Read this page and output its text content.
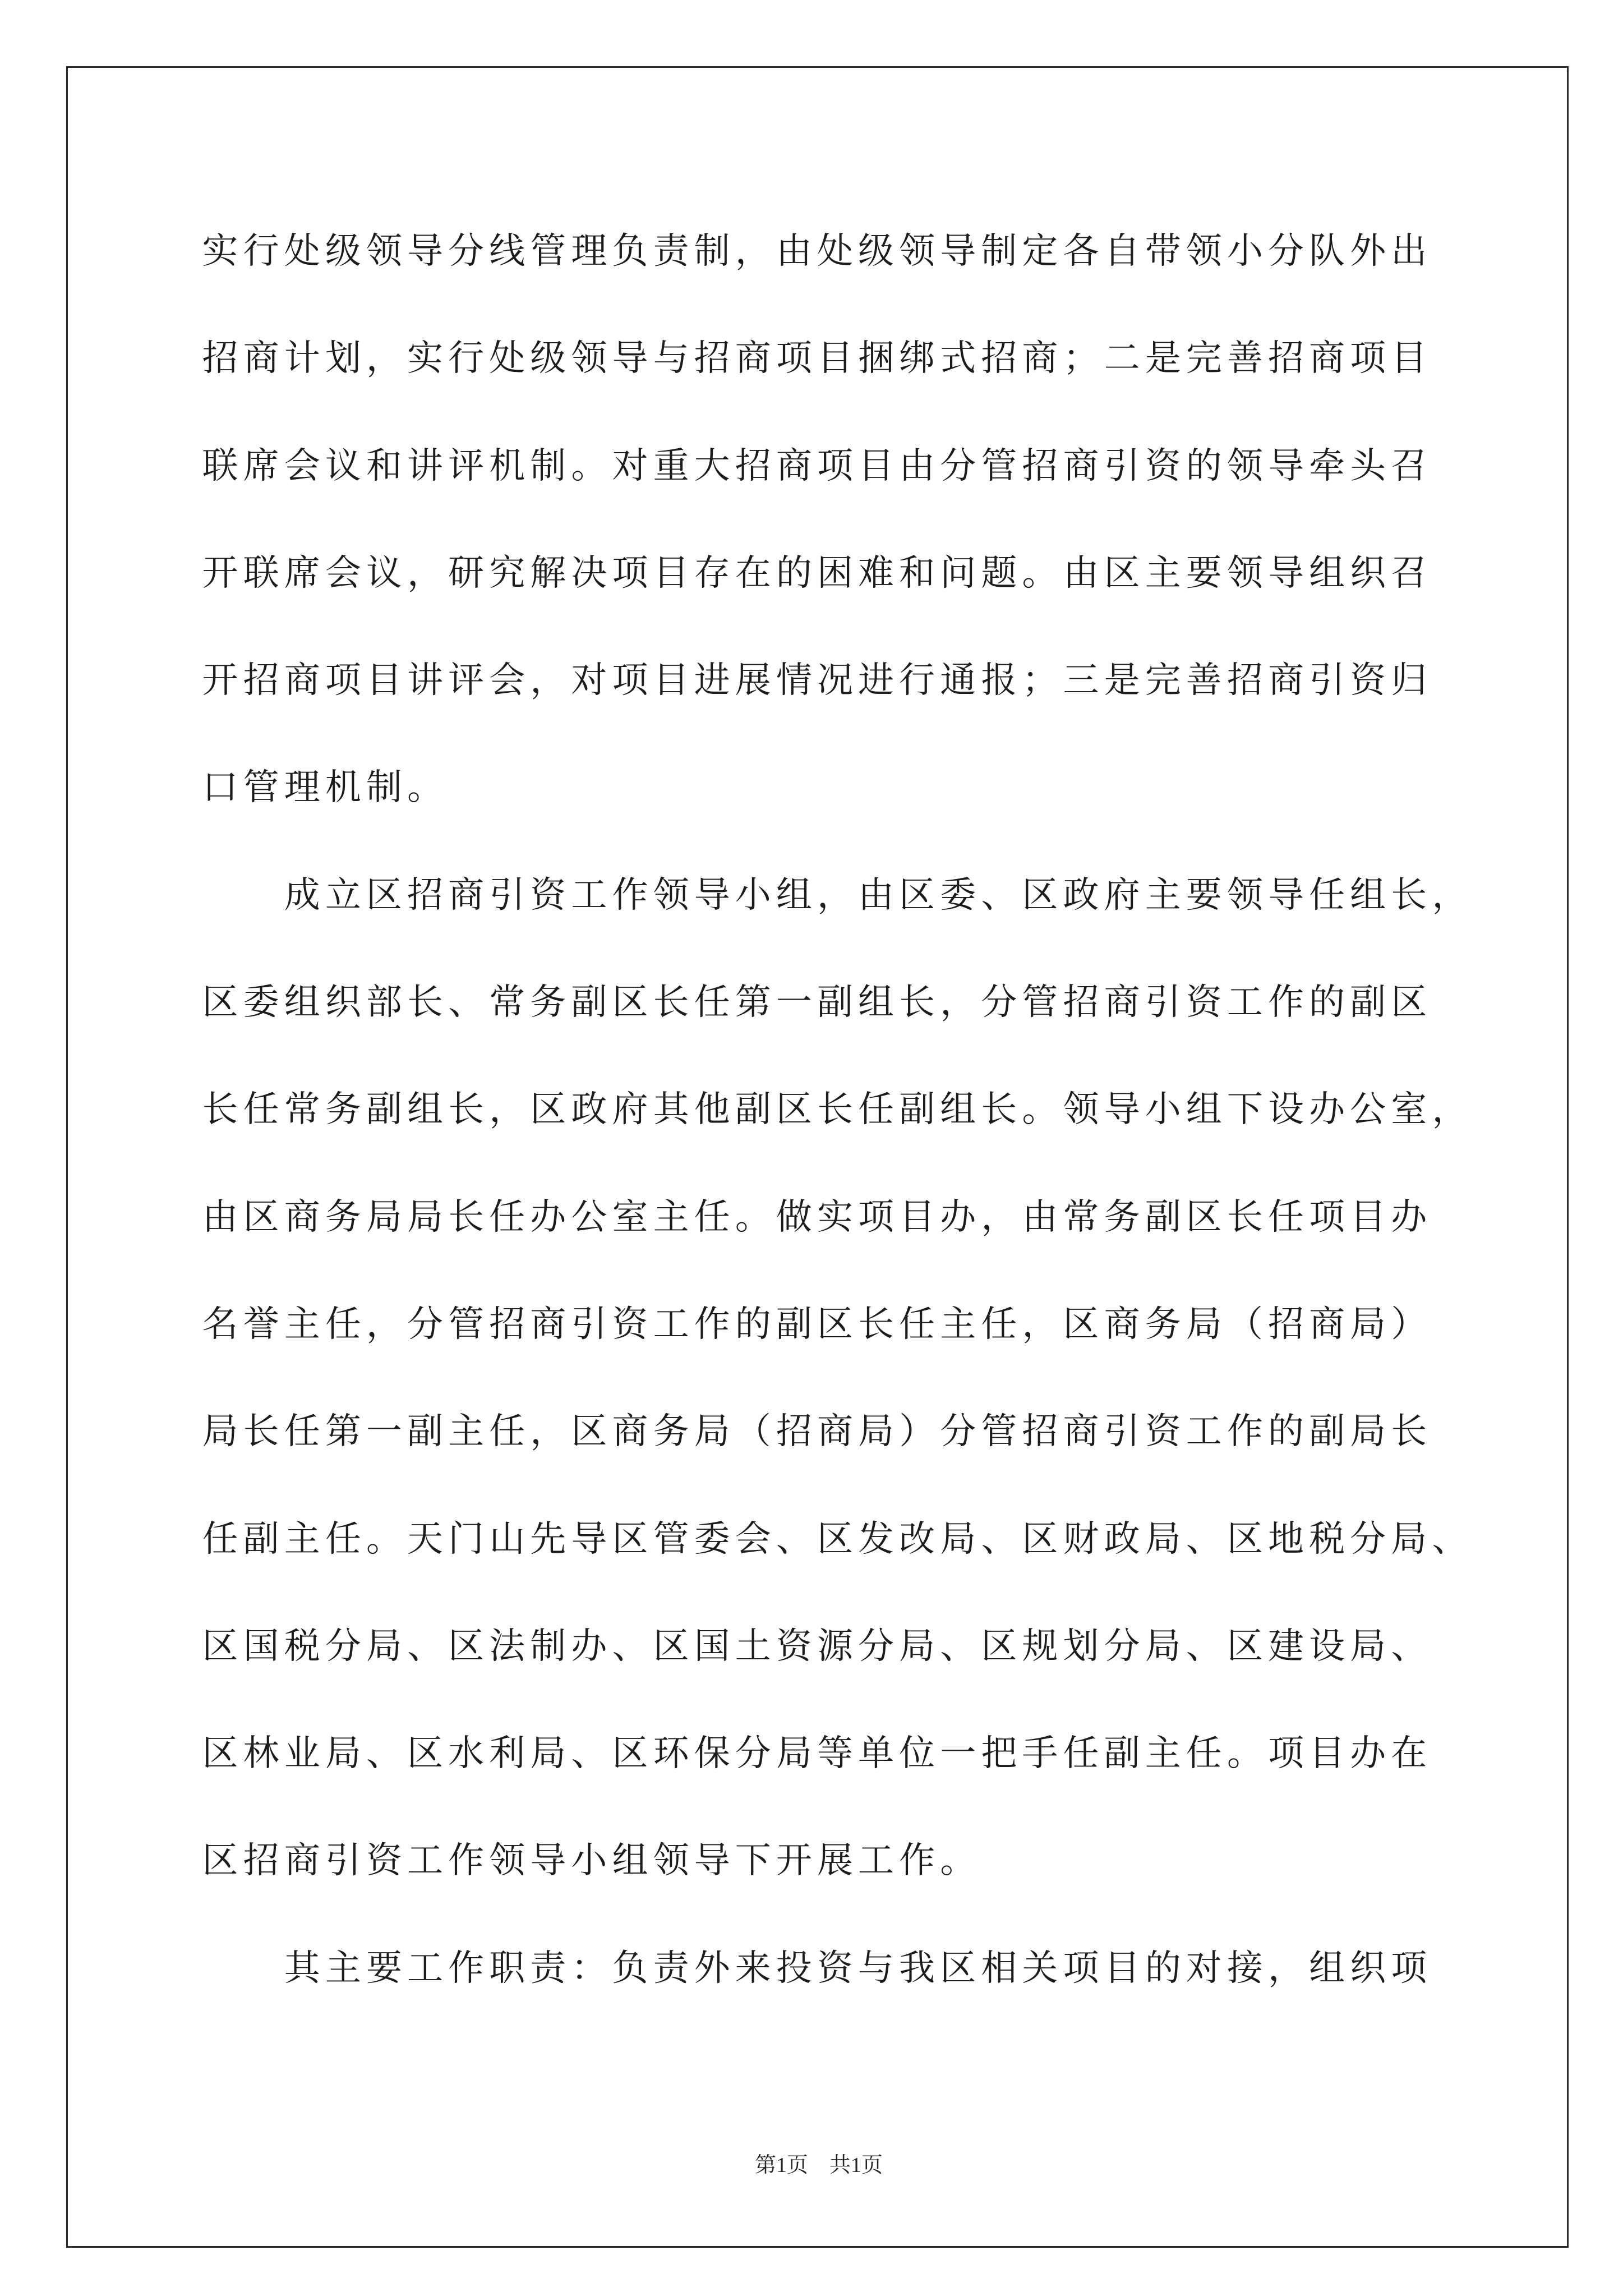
实 行 处 级 领 导 分 线 管 理 负 责 制 ， 由 处 级 领 导 制 定 各 自 带 领 小 分 队 外 出
招 商 计 划 ， 实 行 处 级 领 导 与 招 商 项 目 捆 绑 式 招 商 ； 二 是 完 善 招 商 项 目
联 席 会 议 和 讲 评 机 制 。 对 重 大 招 商 项 目 由 分 管 招 商 引 资 的 领 导 牵 头 召
开 联 席 会 议 ， 研 究 解 决 项 目 存 在 的 困 难 和 问 题 。 由 区 主 要 领 导 组 织 召
开 招 商 项 目 讲 评 会 ， 对 项 目 进 展 情 况 进 行 通 报 ； 三 是 完 善 招 商 引 资 归
口 管 理 机 制 。
成 立 区 招 商 引 资 工 作 领 导 小 组 ， 由 区 委 、 区 政 府 主 要 领 导 任 组 长 ，
区 委 组 织 部 长 、 常 务 副 区 长 任 第 一 副 组 长 ， 分 管 招 商 引 资 工 作 的 副 区
长 任 常 务 副 组 长 ， 区 政 府 其 他 副 区 长 任 副 组 长 。 领 导 小 组 下 设 办 公 室 ，
由 区 商 务 局 局 长 任 办 公 室 主 任 。 做 实 项 目 办 ， 由 常 务 副 区 长 任 项 目 办
名 誉 主 任 ， 分 管 招 商 引 资 工 作 的 副 区 长 任 主 任 ， 区 商 务 局 （ 招 商 局 ）
局 长 任 第 一 副 主 任 ， 区 商 务 局 （ 招 商 局 ） 分 管 招 商 引 资 工 作 的 副 局 长
任 副 主 任 。 天 门 山 先 导 区 管 委 会 、 区 发 改 局 、 区 财 政 局 、 区 地 税 分 局 、
区 国 税 分 局 、 区 法 制 办 、 区 国 土 资 源 分 局 、 区 规 划 分 局 、 区 建 设 局 、
区 林 业 局 、 区 水 利 局 、 区 环 保 分 局 等 单 位 一 把 手 任 副 主 任 。 项 目 办 在
区 招 商 引 资 工 作 领 导 小 组 领 导 下 开 展 工 作 。
其 主 要 工 作 职 责 ： 负 责 外 来 投 资 与 我 区 相 关 项 目 的 对 接 ， 组 织 项
第1页　共1页
